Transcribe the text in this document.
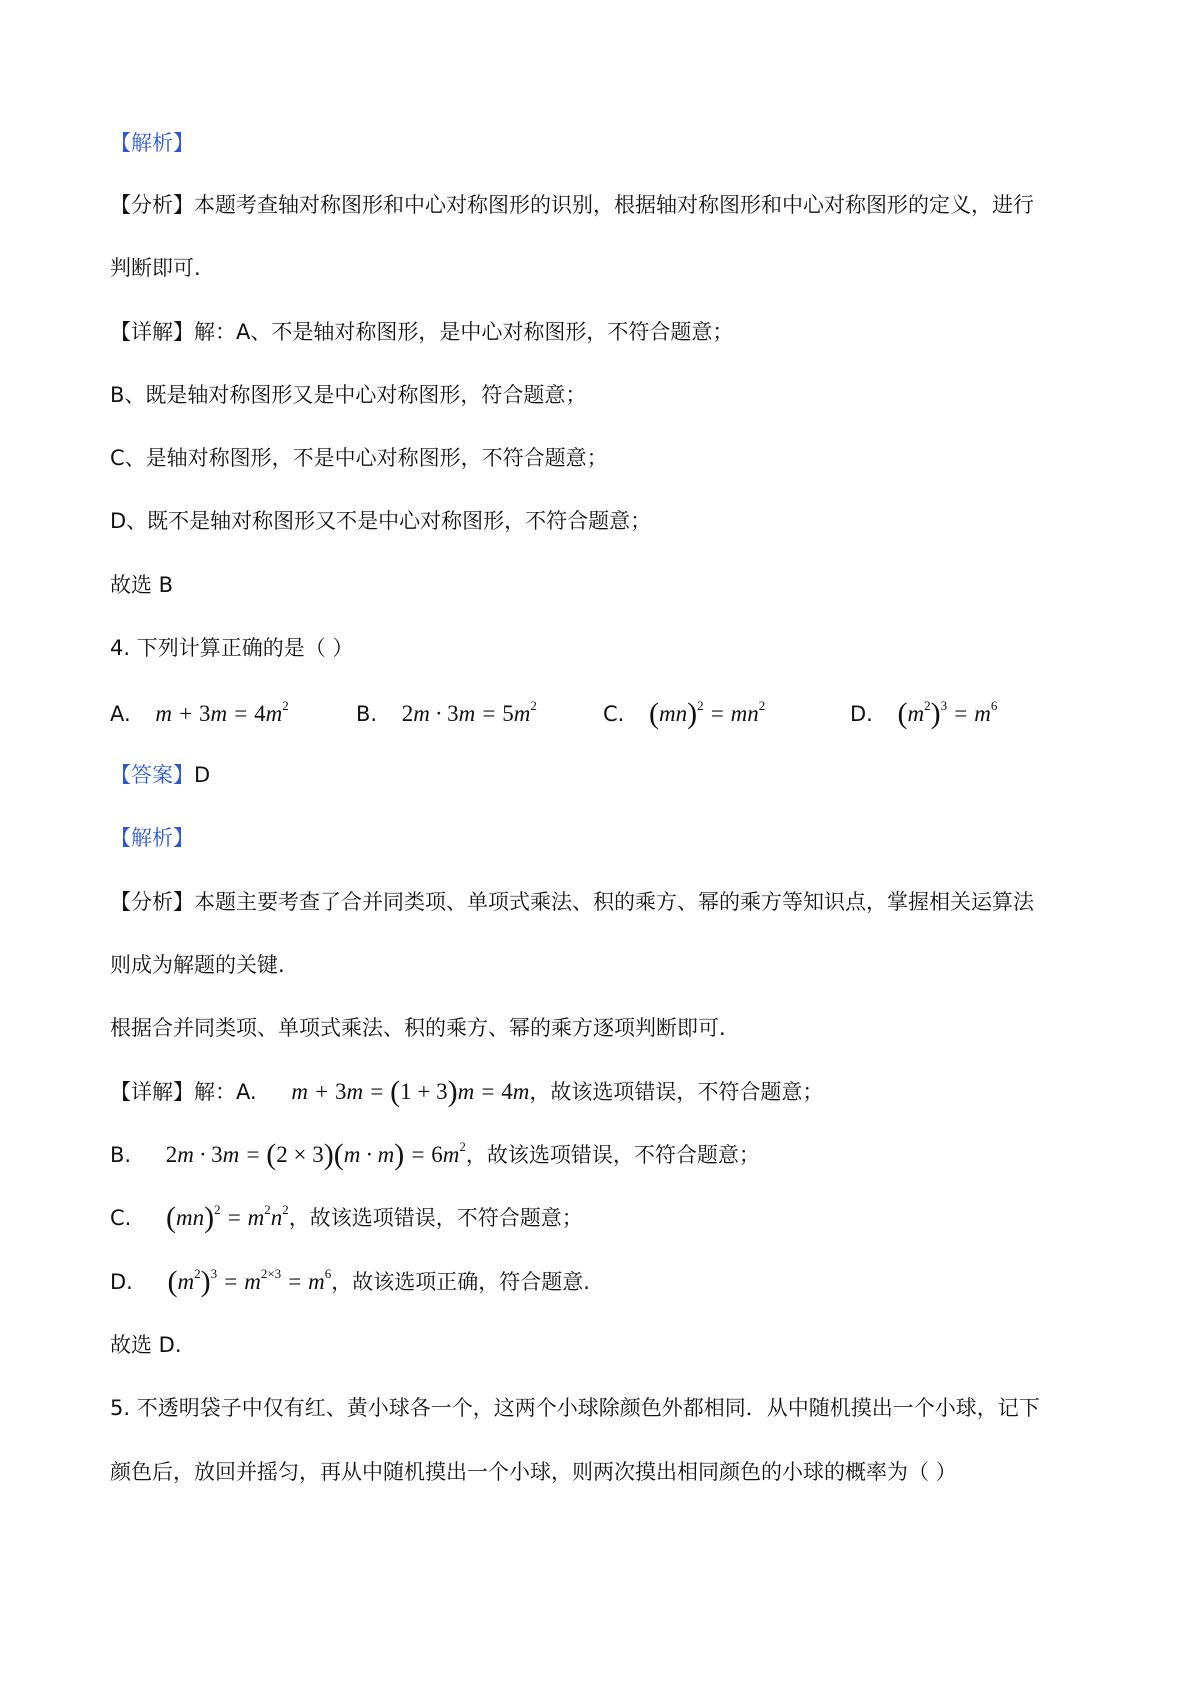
【解析】
【分析】本题考查轴对称图形和中心对称图形的识别，根据轴对称图形和中心对称图形的定义，进行
判断即可.
【详解】解：A、不是轴对称图形，是中心对称图形，不符合题意；
B、既是轴对称图形又是中心对称图形，符合题意；
C、是轴对称图形，不是中心对称图形，不符合题意；
D、既不是轴对称图形又不是中心对称图形，不符合题意；
故选 B
4. 下列计算正确的是（ ）
A. $m + 3m = 4m^2$	B. $2m \cdot 3m = 5m^2$	C. $(mn)^2 = mn^2$	D. $(m^2)^3 = m^6$
【答案】D
【解析】
【分析】本题主要考查了合并同类项、单项式乘法、积的乘方、幂的乘方等知识点，掌握相关运算法
则成为解题的关键.
根据合并同类项、单项式乘法、积的乘方、幂的乘方逐项判断即可.
【详解】解：A. m + 3m = (1 + 3)m = 4m，故该选项错误，不符合题意；
B. $2m \cdot 3m = (2 \times 3)(m \cdot m) = 6m^2$，故该选项错误，不符合题意；
C. $(mn)^2 = m^2n^2$，故该选项错误，不符合题意；
D. $(m^2)^3 = m^{2\times 3} = m^6$，故该选项正确，符合题意.
故选 D.
5. 不透明袋子中仅有红、黄小球各一个，这两个小球除颜色外都相同．从中随机摸出一个小球，记下
颜色后，放回并摇匀，再从中随机摸出一个小球，则两次摸出相同颜色的小球的概率为（ ）
